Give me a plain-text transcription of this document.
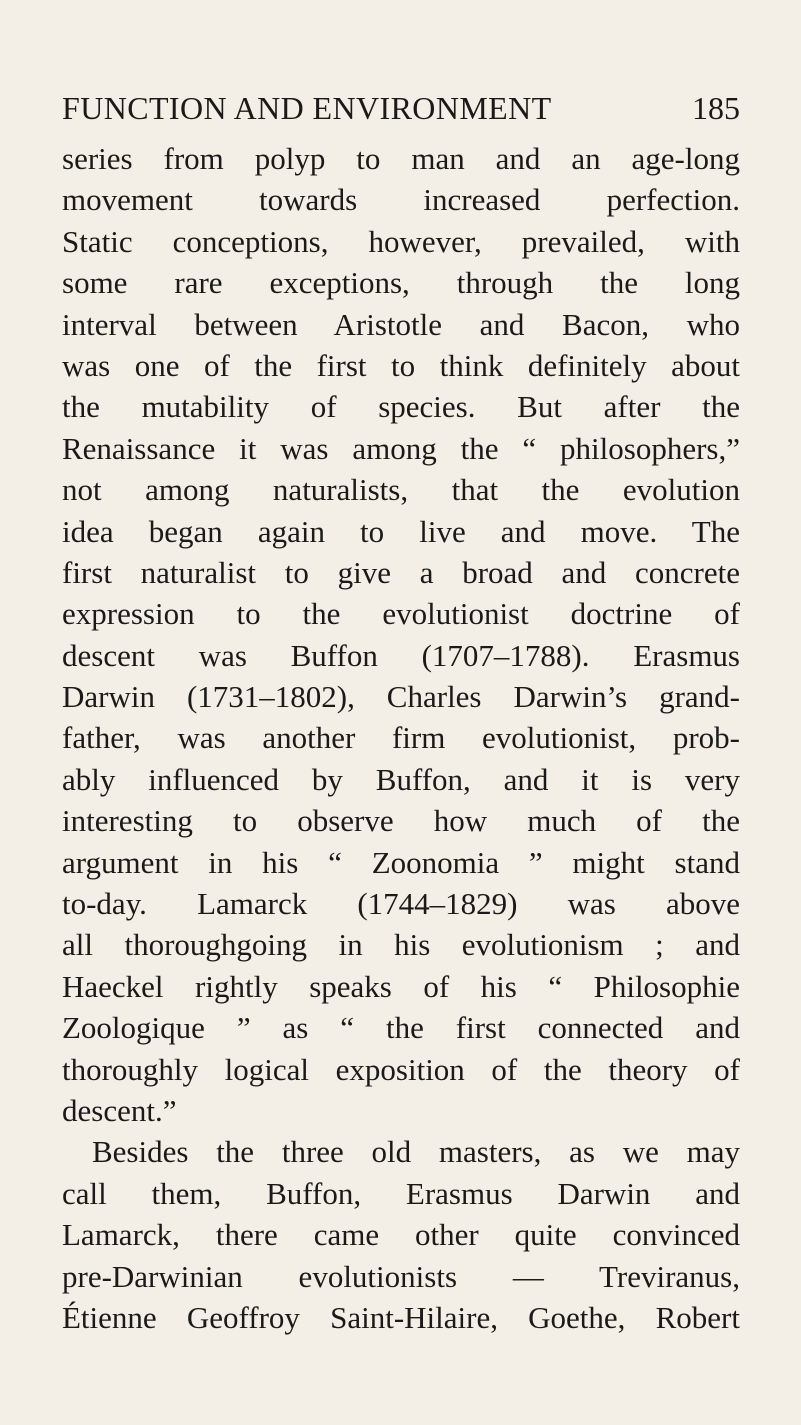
FUNCTION AND ENVIRONMENT	185
series from polyp to man and an age-long
movement towards increased perfection.
Static conceptions, however, prevailed, with
some rare exceptions, through the long
interval between Aristotle and Bacon, who
was one of the first to think definitely about
the mutability of species. But after the
Renaissance it was among the “ philosophers,”
not among naturalists, that the evolution
idea began again to live and move. The
first naturalist to give a broad and concrete
expression to the evolutionist doctrine of
descent was Buffon (1707–1788). Erasmus
Darwin (1731–1802), Charles Darwin’s grand-
father, was another firm evolutionist, prob-
ably influenced by Buffon, and it is very
interesting to observe how much of the
argument in his “ Zoonomia ” might stand
to-day. Lamarck (1744–1829) was above
all thoroughgoing in his evolutionism ; and
Haeckel rightly speaks of his “ Philosophie
Zoologique ” as “ the first connected and
thoroughly logical exposition of the theory of
descent.”
Besides the three old masters, as we may
call them, Buffon, Erasmus Darwin and
Lamarck, there came other quite convinced
pre-Darwinian evolutionists — Treviranus,
Étienne Geoffroy Saint-Hilaire, Goethe, Robert
